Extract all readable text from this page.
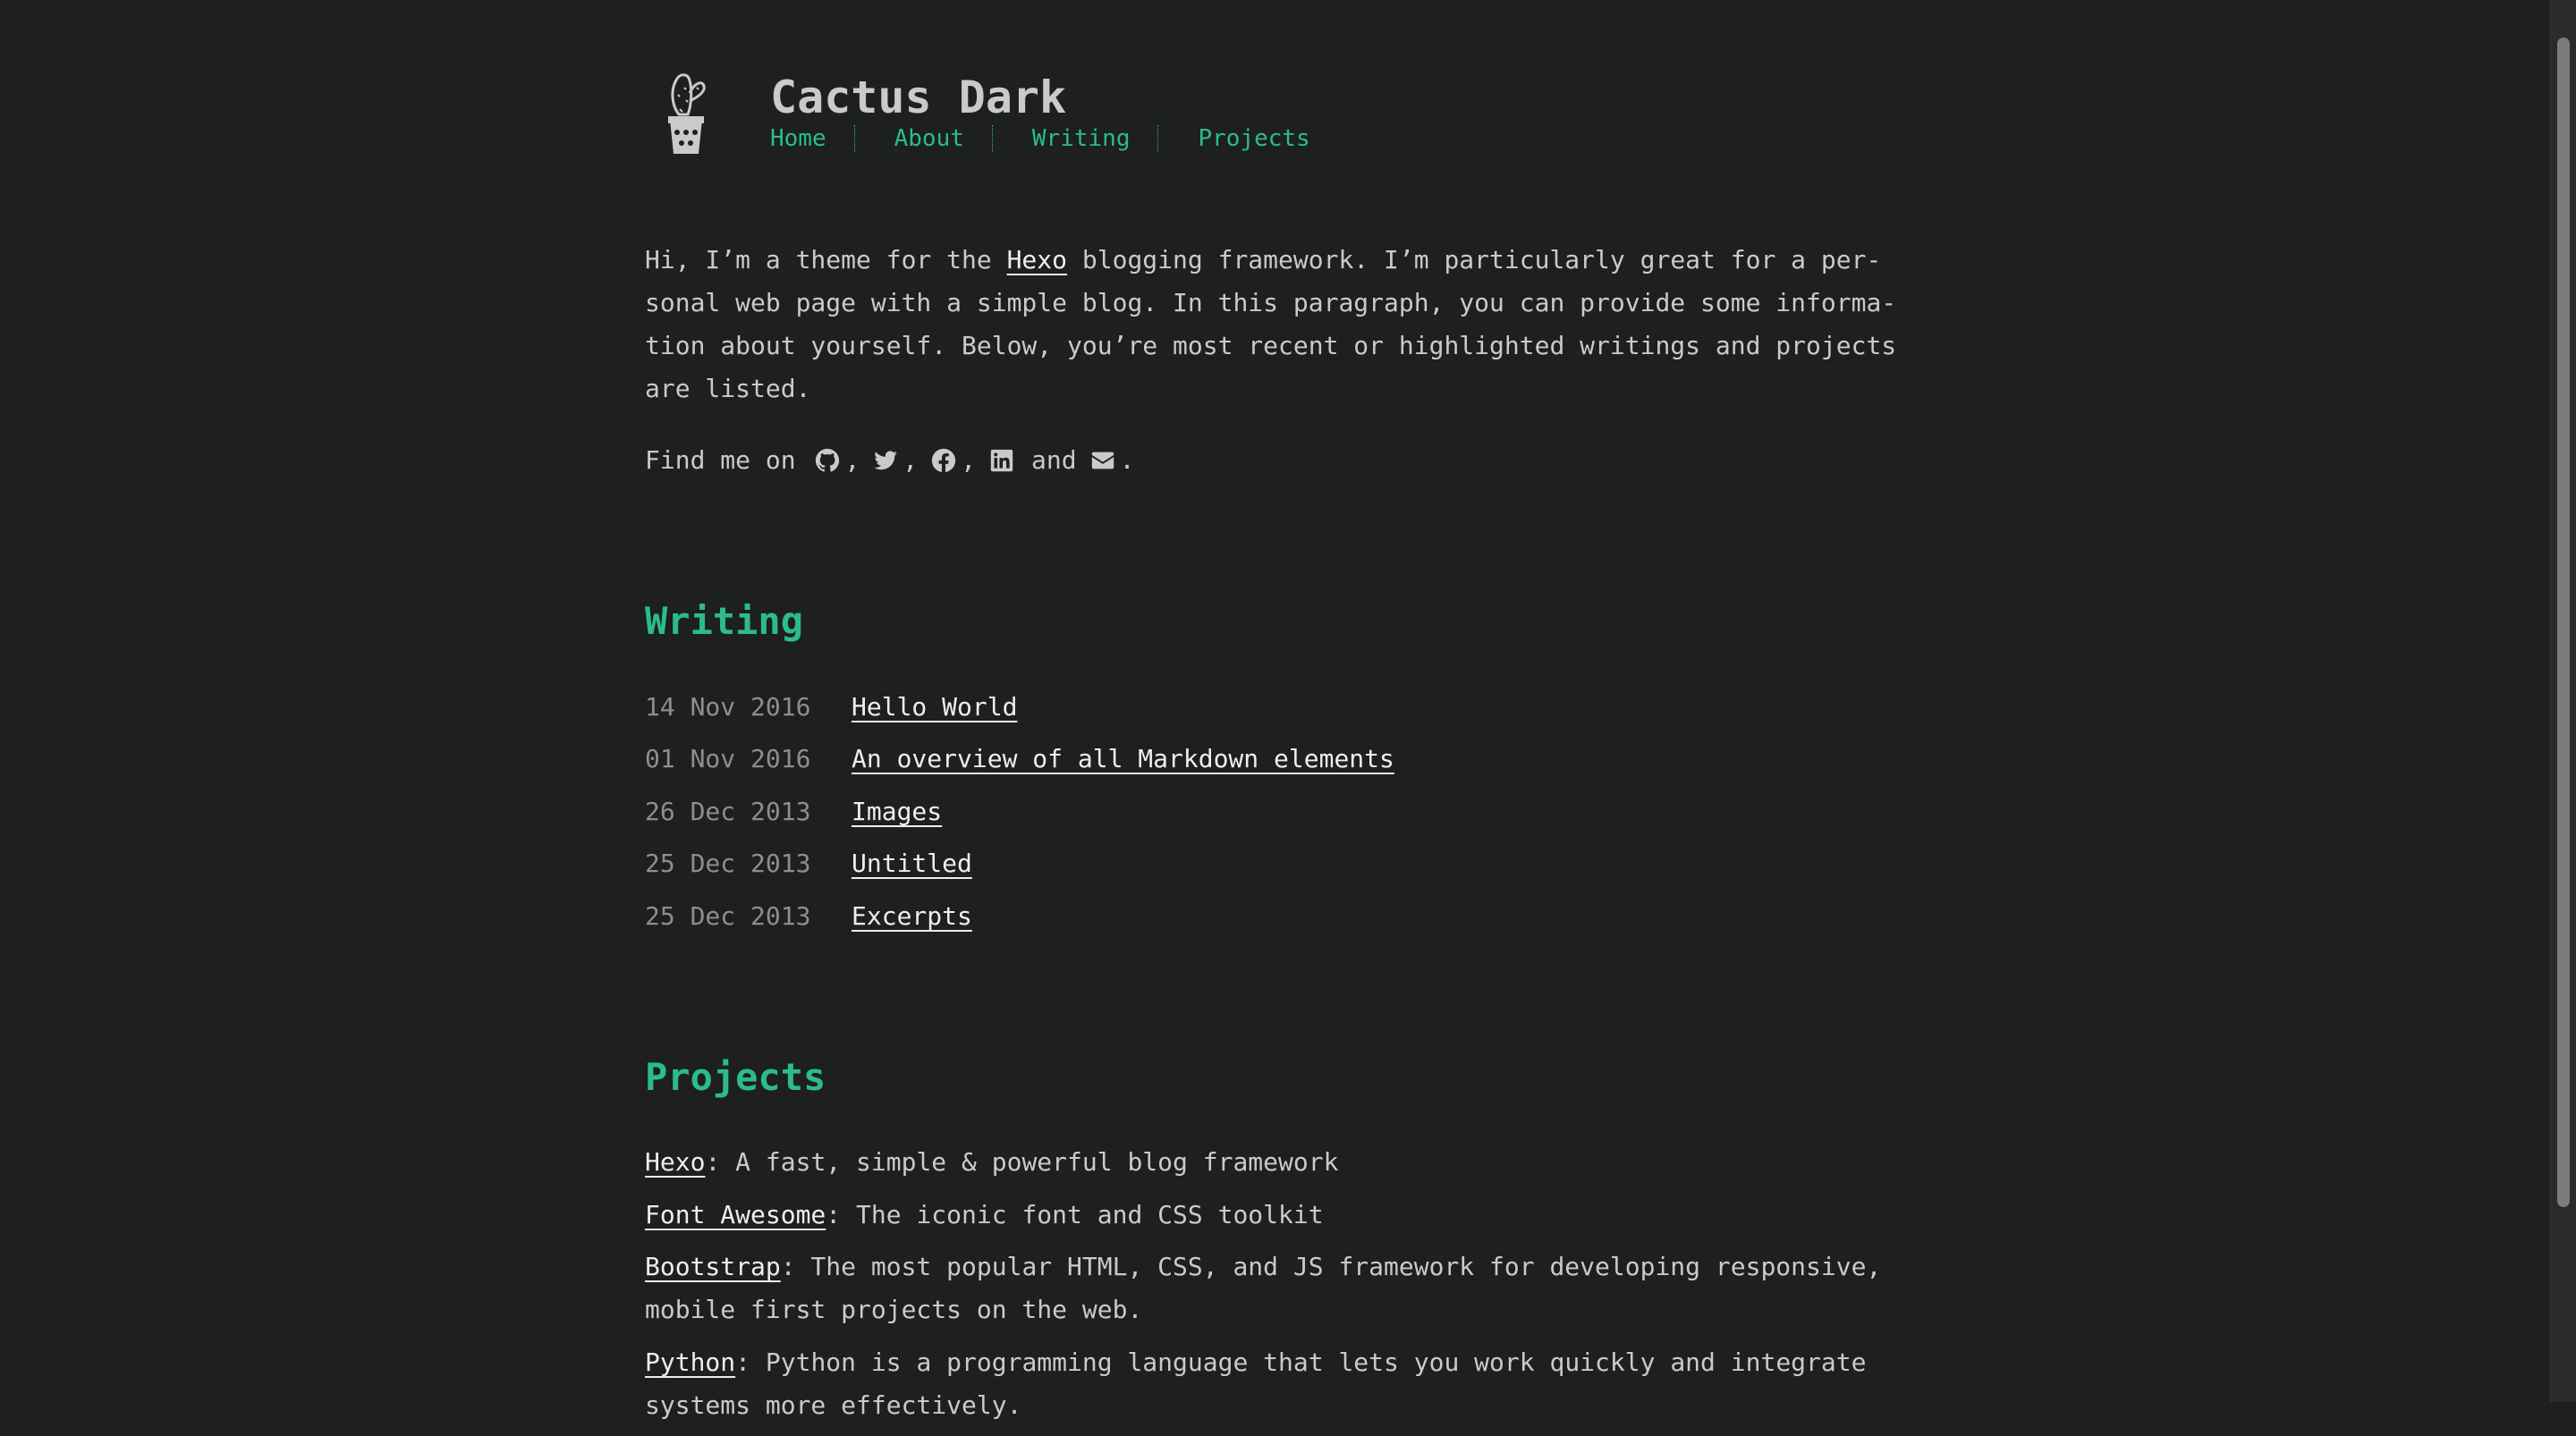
Cactus Dark
Home	About	Writing	Projects

Hi, I’m a theme for the Hexo blogging framework. I’m particularly great for a per-
sonal web page with a simple blog. In this paragraph, you can provide some informa-
tion about yourself. Below, you’re most recent or highlighted writings and projects
are listed.

Find me on , , , and .

Writing
14 Nov 2016	Hello World
01 Nov 2016	An overview of all Markdown elements
26 Dec 2013	Images
25 Dec 2013	Untitled
25 Dec 2013	Excerpts
Projects
Hexo: A fast, simple & powerful blog framework
Font Awesome: The iconic font and CSS toolkit
Bootstrap: The most popular HTML, CSS, and JS framework for developing responsive,
mobile first projects on the web.
Python: Python is a programming language that lets you work quickly and integrate
systems more effectively.
